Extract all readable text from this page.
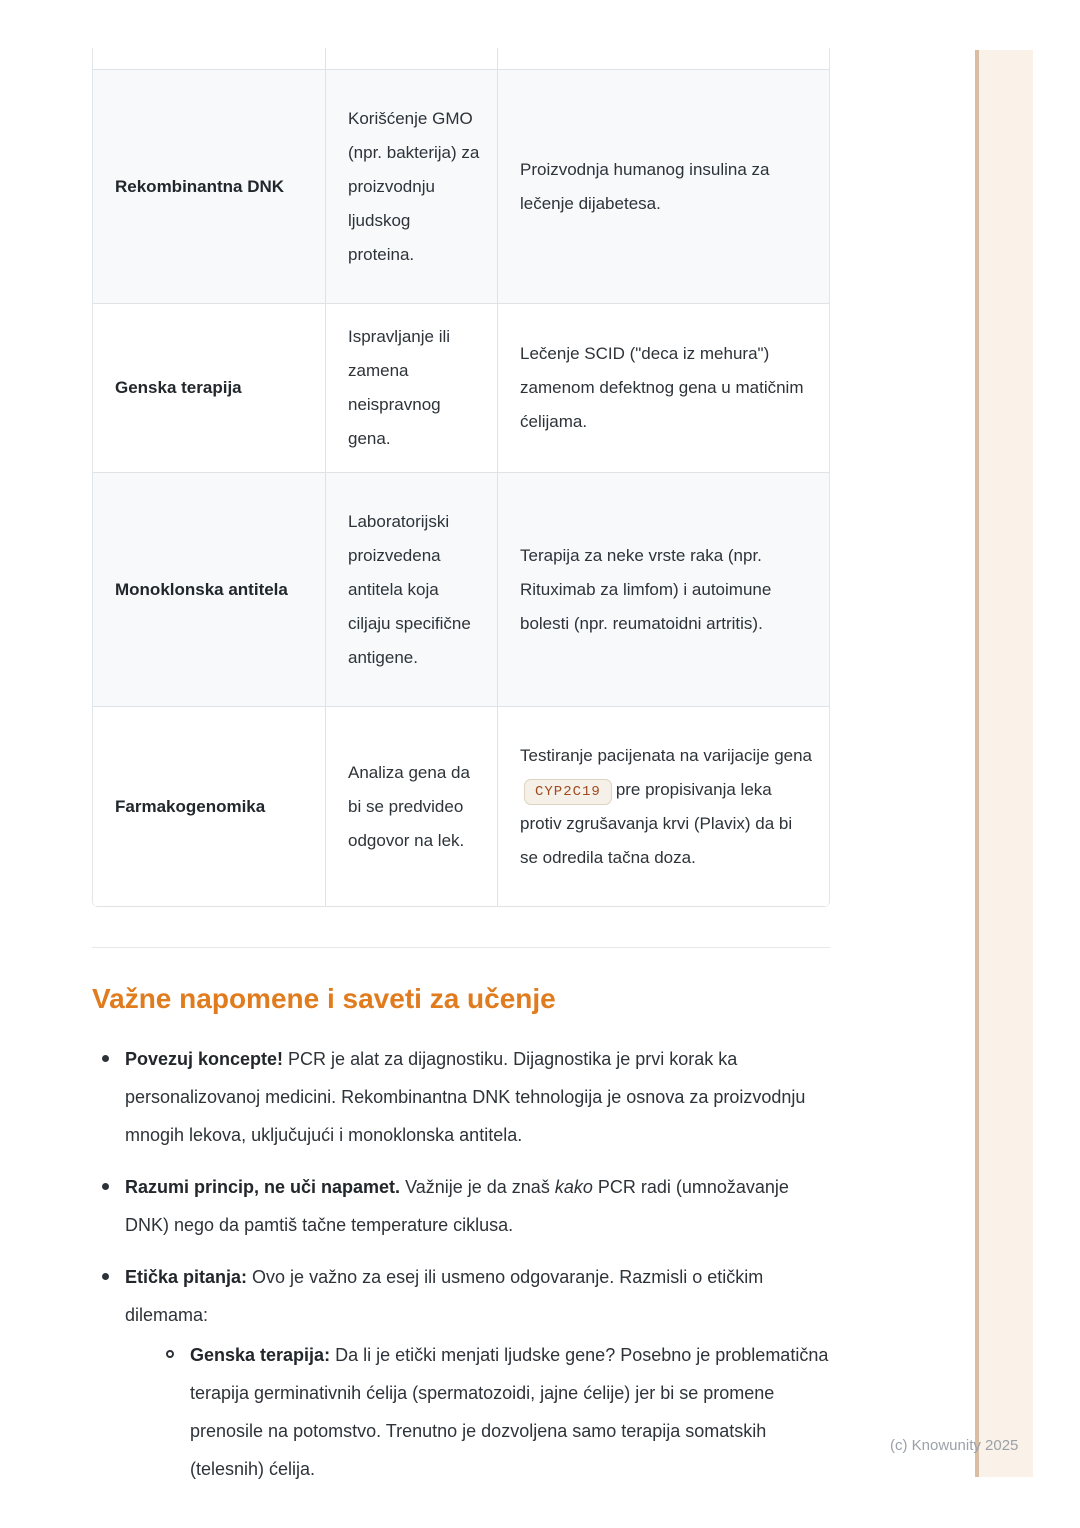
Rekombinantna DNK
Korišćenje GMO (npr. bakterija) za proizvodnju ljudskog proteina.
Proizvodnja humanog insulina za lečenje dijabetesa.
Genska terapija
Ispravljanje ili zamena neispravnog gena.
Lečenje SCID ("deca iz mehura") zamenom defektnog gena u matičnim ćelijama.
Monoklonska antitela
Laboratorijski proizvedena antitela koja ciljaju specifične antigene.
Terapija za neke vrste raka (npr. Rituximab za limfom) i autoimune bolesti (npr. reumatoidni artritis).
Farmakogenomika
Analiza gena da bi se predvideo odgovor na lek.
Testiranje pacijenata na varijacije genaCYP2C19 pre propisivanja leka protiv zgrušavanja krvi (Plavix) da bi se odredila tačna doza.
Važne napomene i saveti za učenje
Povezuj koncepte! PCR je alat za dijagnostiku. Dijagnostika je prvi korak ka personalizovanoj medicini. Rekombinantna DNK tehnologija je osnova za proizvodnju mnogih lekova, uključujući i monoklonska antitela.
Razumi princip, ne uči napamet. Važnije je da znaš kako PCR radi (umnožavanje DNK) nego da pamtiš tačne temperature ciklusa.
Etička pitanja: Ovo je važno za esej ili usmeno odgovaranje. Razmisli o etičkim dilemama:
Genska terapija: Da li je etički menjati ljudske gene? Posebno je problematična terapija germinativnih ćelija (spermatozoidi, jajne ćelije) jer bi se promene prenosile na potomstvo. Trenutno je dozvoljena samo terapija somatskih (telesnih) ćelija.
(c) Knowunity 2025
